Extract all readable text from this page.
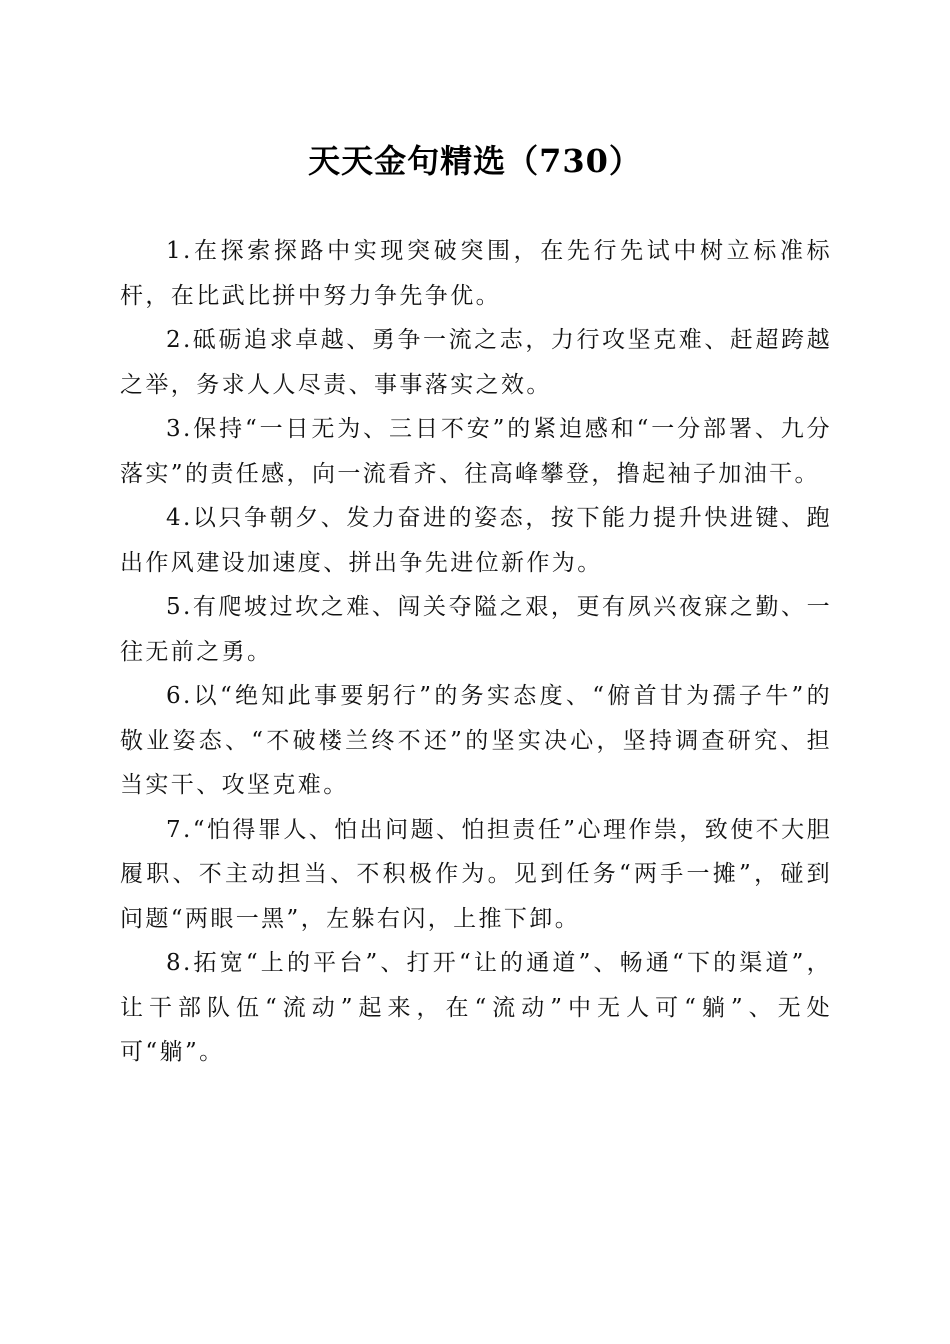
天天金句精选（730）

1.在探索探路中实现突破突围，在先行先试中树立标准标杆，在比武比拼中努力争先争优。

2.砥砺追求卓越、勇争一流之志，力行攻坚克难、赶超跨越之举，务求人人尽责、事事落实之效。

3.保持“一日无为、三日不安”的紧迫感和“一分部署、九分落实”的责任感，向一流看齐、往高峰攀登，撸起袖子加油干。

4.以只争朝夕、发力奋进的姿态，按下能力提升快进键、跑出作风建设加速度、拼出争先进位新作为。

5.有爬坡过坎之难、闯关夺隘之艰，更有夙兴夜寐之勤、一往无前之勇。

6.以“绝知此事要躬行”的务实态度、“俯首甘为孺子牛”的敬业姿态、“不破楼兰终不还”的坚实决心，坚持调查研究、担当实干、攻坚克难。

7.“怕得罪人、怕出问题、怕担责任”心理作祟，致使不大胆履职、不主动担当、不积极作为。见到任务“两手一摊”，碰到问题“两眼一黑”，左躲右闪，上推下卸。

8.拓宽“上的平台”、打开“让的通道”、畅通“下的渠道”，让干部队伍“流动”起来，在“流动”中无人可“躺”、无处可“躺”。
